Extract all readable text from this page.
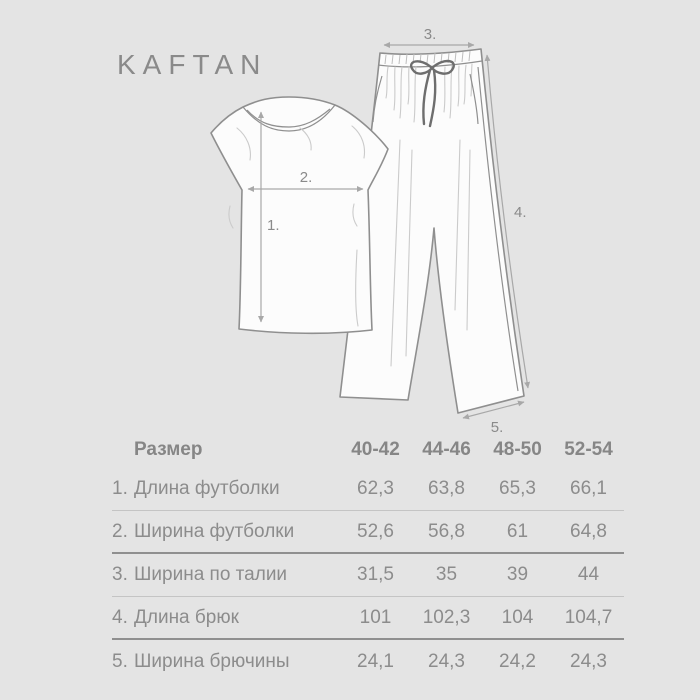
KAFTAN
1.
2.
3.
4.
5.
Размер	40-42	44-46	48-50	52-54
1. Длина футболки	62,3	63,8	65,3	66,1
2. Ширина футболки	52,6	56,8	61	64,8
3. Ширина по талии	31,5	35	39	44
4. Длина брюк	101	102,3	104	104,7
5. Ширина брючины	24,1	24,3	24,2	24,3
